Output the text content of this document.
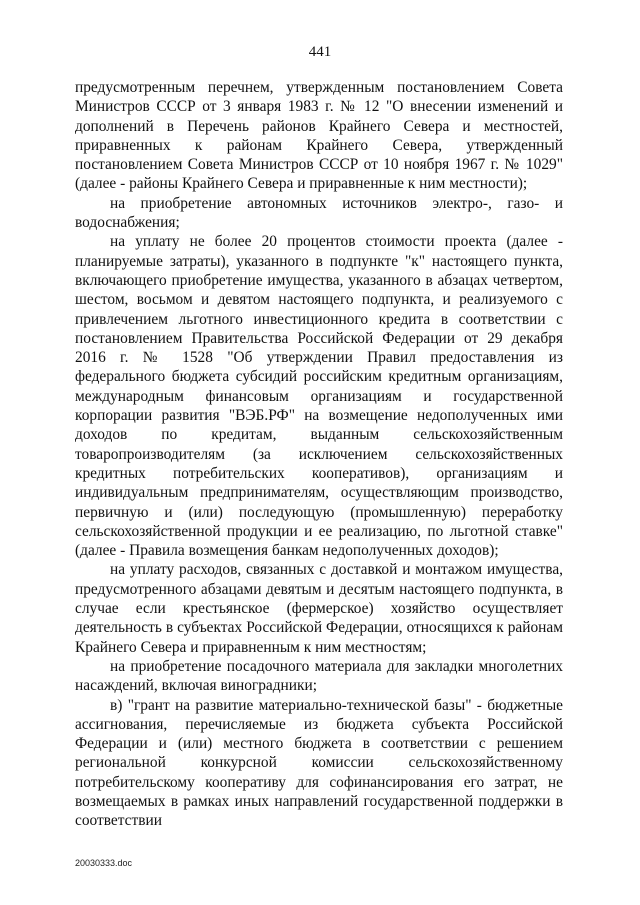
441

предусмотренным перечнем, утвержденным постановлением Совета Министров СССР от 3 января 1983 г. № 12 "О внесении изменений и дополнений в Перечень районов Крайнего Севера и местностей, приравненных к районам Крайнего Севера, утвержденный постановлением Совета Министров СССР от 10 ноября 1967 г. № 1029" (далее - районы Крайнего Севера и приравненные к ним местности);

на приобретение автономных источников электро-, газо- и водоснабжения;

на уплату не более 20 процентов стоимости проекта (далее - планируемые затраты), указанного в подпункте "к" настоящего пункта, включающего приобретение имущества, указанного в абзацах четвертом, шестом, восьмом и девятом настоящего подпункта, и реализуемого с привлечением льготного инвестиционного кредита в соответствии с постановлением Правительства Российской Федерации от 29 декабря 2016 г. № 1528 "Об утверждении Правил предоставления из федерального бюджета субсидий российским кредитным организациям, международным финансовым организациям и государственной корпорации развития "ВЭБ.РФ" на возмещение недополученных ими доходов по кредитам, выданным сельскохозяйственным товаропроизводителям (за исключением сельскохозяйственных кредитных потребительских кооперативов), организациям и индивидуальным предпринимателям, осуществляющим производство, первичную и (или) последующую (промышленную) переработку сельскохозяйственной продукции и ее реализацию, по льготной ставке" (далее - Правила возмещения банкам недополученных доходов);

на уплату расходов, связанных с доставкой и монтажом имущества, предусмотренного абзацами девятым и десятым настоящего подпункта, в случае если крестьянское (фермерское) хозяйство осуществляет деятельность в субъектах Российской Федерации, относящихся к районам Крайнего Севера и приравненным к ним местностям;

на приобретение посадочного материала для закладки многолетних насаждений, включая виноградники;

в) "грант на развитие материально-технической базы" - бюджетные ассигнования, перечисляемые из бюджета субъекта Российской Федерации и (или) местного бюджета в соответствии с решением региональной конкурсной комиссии сельскохозяйственному потребительскому кооперативу для софинансирования его затрат, не возмещаемых в рамках иных направлений государственной поддержки в соответствии

20030333.doc
